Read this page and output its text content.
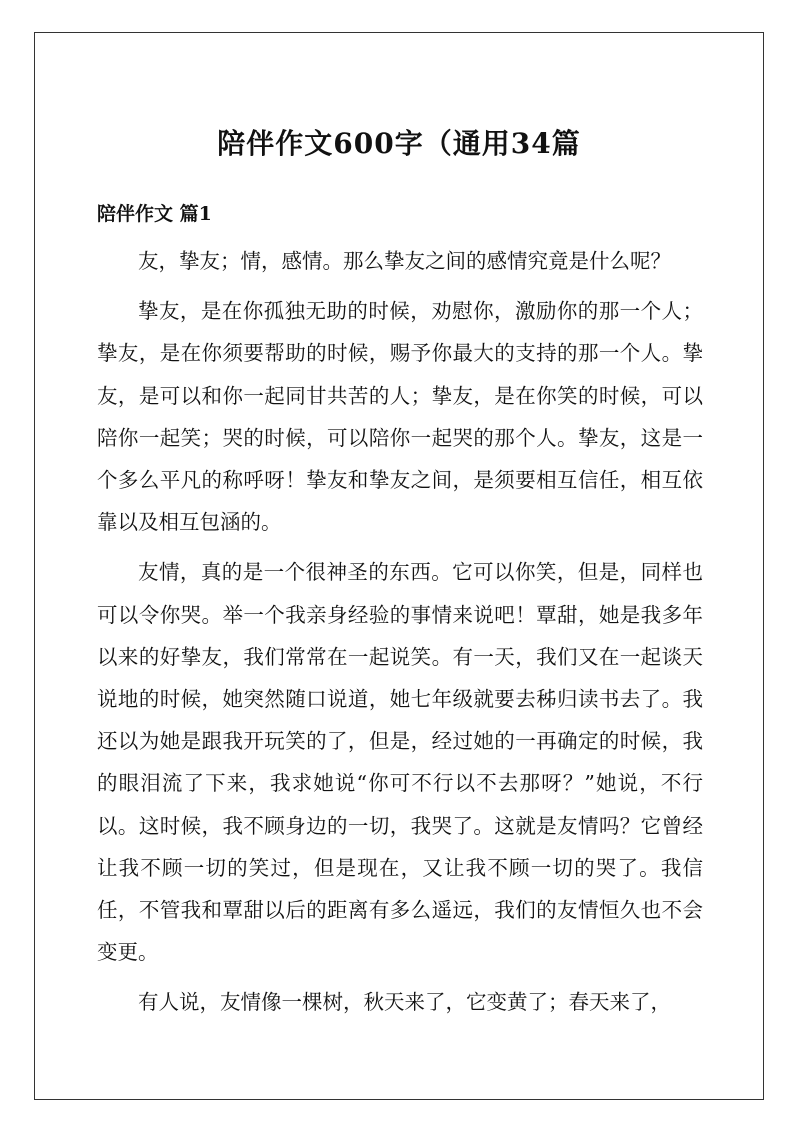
陪伴作文600字（通用34篇
陪伴作文 篇1

友，挚友；情，感情。那么挚友之间的感情究竟是什么呢？

挚友，是在你孤独无助的时候，劝慰你，激励你的那一个人；挚友，是在你须要帮助的时候，赐予你最大的支持的那一个人。挚友，是可以和你一起同甘共苦的人；挚友，是在你笑的时候，可以陪你一起笑；哭的时候，可以陪你一起哭的那个人。挚友，这是一个多么平凡的称呼呀！挚友和挚友之间，是须要相互信任，相互依靠以及相互包涵的。

友情，真的是一个很神圣的东西。它可以你笑，但是，同样也可以令你哭。举一个我亲身经验的事情来说吧！覃甜，她是我多年以来的好挚友，我们常常在一起说笑。有一天，我们又在一起谈天说地的时候，她突然随口说道，她七年级就要去秭归读书去了。我还以为她是跟我开玩笑的了，但是，经过她的一再确定的时候，我的眼泪流了下来，我求她说“你可不行以不去那呀？”她说，不行以。这时候，我不顾身边的一切，我哭了。这就是友情吗？它曾经让我不顾一切的笑过，但是现在，又让我不顾一切的哭了。我信任，不管我和覃甜以后的距离有多么遥远，我们的友情恒久也不会变更。

有人说，友情像一棵树，秋天来了，它变黄了；春天来了，
